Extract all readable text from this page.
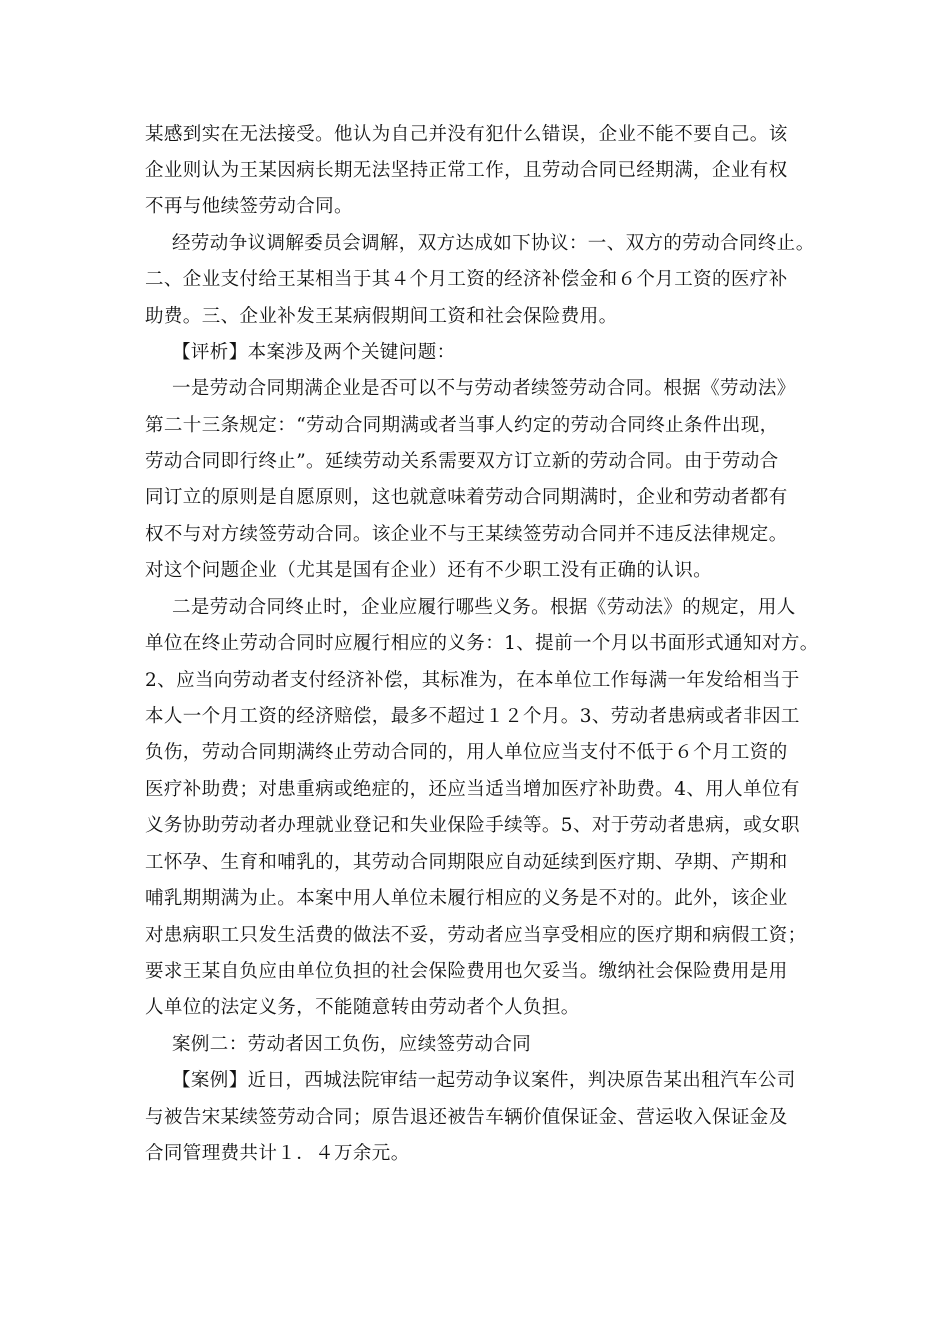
某感到实在无法接受。他认为自己并没有犯什么错误，企业不能不要自己。该
企业则认为王某因病长期无法坚持正常工作，且劳动合同已经期满，企业有权
不再与他续签劳动合同。
经劳动争议调解委员会调解，双方达成如下协议：一、双方的劳动合同终止。
二、企业支付给王某相当于其４个月工资的经济补偿金和６个月工资的医疗补
助费。三、企业补发王某病假期间工资和社会保险费用。
【评析】本案涉及两个关键问题：
一是劳动合同期满企业是否可以不与劳动者续签劳动合同。根据《劳动法》
第二十三条规定：“劳动合同期满或者当事人约定的劳动合同终止条件出现，
劳动合同即行终止”。延续劳动关系需要双方订立新的劳动合同。由于劳动合
同订立的原则是自愿原则，这也就意味着劳动合同期满时，企业和劳动者都有
权不与对方续签劳动合同。该企业不与王某续签劳动合同并不违反法律规定。
对这个问题企业（尤其是国有企业）还有不少职工没有正确的认识。
二是劳动合同终止时，企业应履行哪些义务。根据《劳动法》的规定，用人
单位在终止劳动合同时应履行相应的义务：1、提前一个月以书面形式通知对方。
2、应当向劳动者支付经济补偿，其标准为，在本单位工作每满一年发给相当于
本人一个月工资的经济赔偿，最多不超过１２个月。3、劳动者患病或者非因工
负伤，劳动合同期满终止劳动合同的，用人单位应当支付不低于６个月工资的
医疗补助费；对患重病或绝症的，还应当适当增加医疗补助费。4、用人单位有
义务协助劳动者办理就业登记和失业保险手续等。5、对于劳动者患病，或女职
工怀孕、生育和哺乳的，其劳动合同期限应自动延续到医疗期、孕期、产期和
哺乳期期满为止。本案中用人单位未履行相应的义务是不对的。此外，该企业
对患病职工只发生活费的做法不妥，劳动者应当享受相应的医疗期和病假工资；
要求王某自负应由单位负担的社会保险费用也欠妥当。缴纳社会保险费用是用
人单位的法定义务，不能随意转由劳动者个人负担。
案例二：劳动者因工负伤，应续签劳动合同
【案例】近日，西城法院审结一起劳动争议案件，判决原告某出租汽车公司
与被告宋某续签劳动合同；原告退还被告车辆价值保证金、营运收入保证金及
合同管理费共计１．４万余元。
